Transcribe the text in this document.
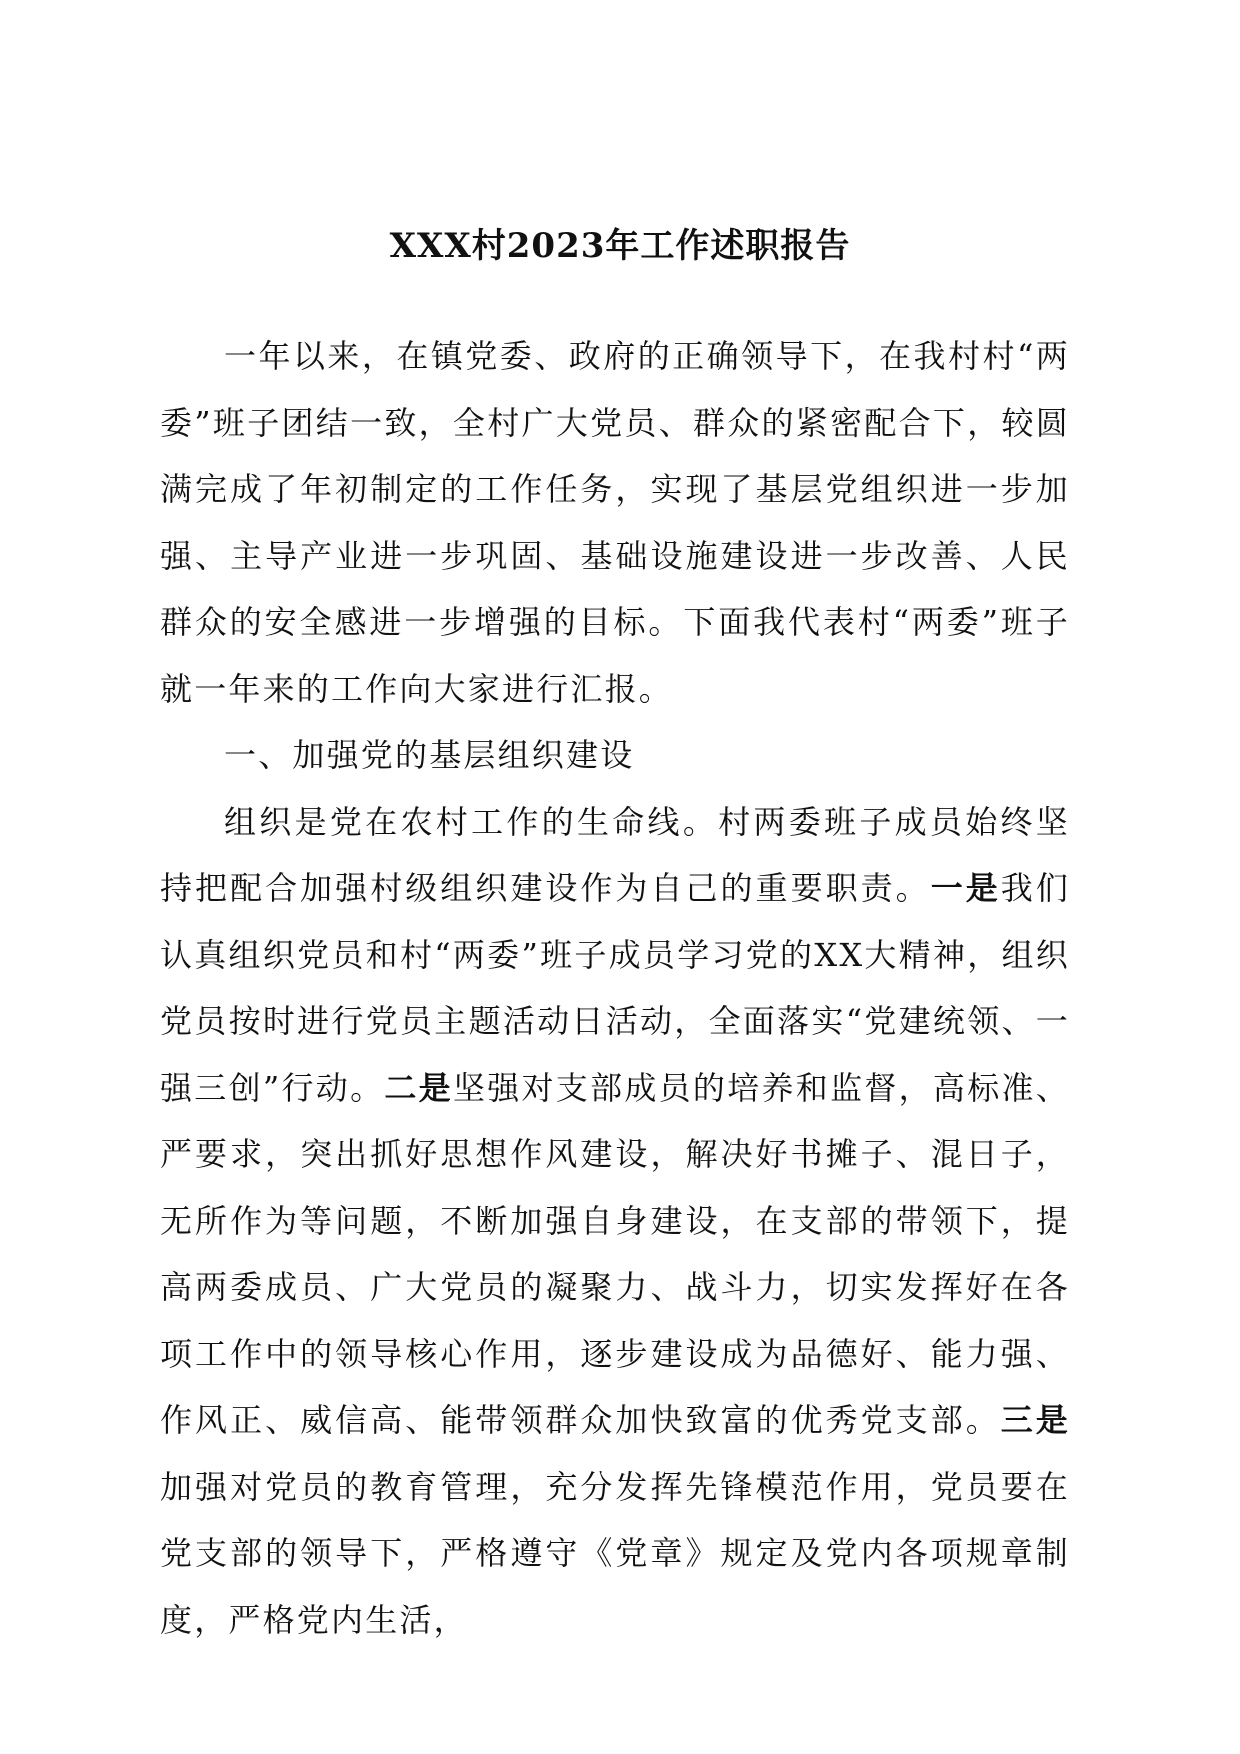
XXX村2023年工作述职报告

一年以来，在镇党委、政府的正确领导下，在我村村“两委”班子团结一致，全村广大党员、群众的紧密配合下，较圆满完成了年初制定的工作任务，实现了基层党组织进一步加强、主导产业进一步巩固、基础设施建设进一步改善、人民群众的安全感进一步增强的目标。下面我代表村“两委”班子就一年来的工作向大家进行汇报。

一、加强党的基层组织建设

组织是党在农村工作的生命线。村两委班子成员始终坚持把配合加强村级组织建设作为自己的重要职责。一是我们认真组织党员和村“两委”班子成员学习党的XX大精神，组织党员按时进行党员主题活动日活动，全面落实“党建统领、一强三创”行动。二是坚强对支部成员的培养和监督，高标准、严要求，突出抓好思想作风建设，解决好书摊子、混日子，无所作为等问题，不断加强自身建设，在支部的带领下，提高两委成员、广大党员的凝聚力、战斗力，切实发挥好在各项工作中的领导核心作用，逐步建设成为品德好、能力强、作风正、威信高、能带领群众加快致富的优秀党支部。三是加强对党员的教育管理，充分发挥先锋模范作用，党员要在党支部的领导下，严格遵守《党章》规定及党内各项规章制度，严格党内生活，
